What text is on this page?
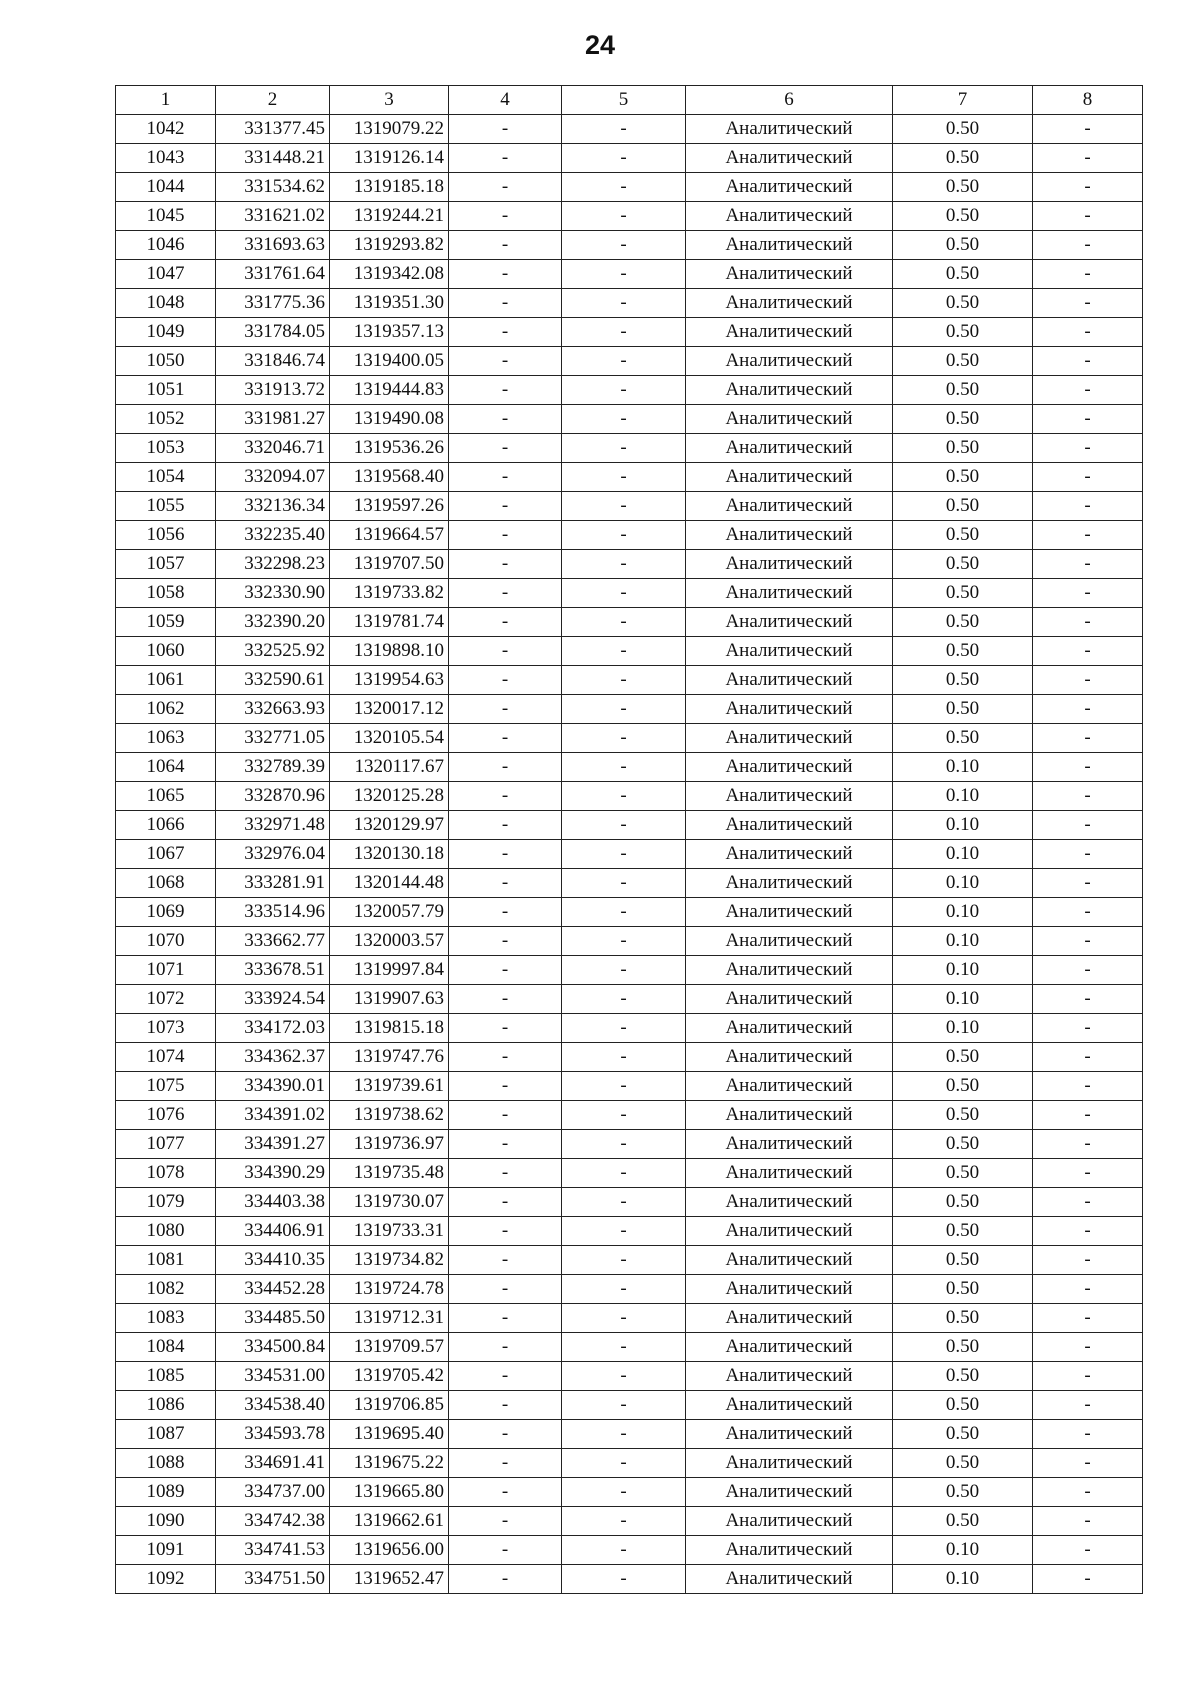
24
1	2	3	4	5	6	7	8
1042	331377.45	1319079.22	-	-	Аналитический	0.50	-
1043	331448.21	1319126.14	-	-	Аналитический	0.50	-
1044	331534.62	1319185.18	-	-	Аналитический	0.50	-
1045	331621.02	1319244.21	-	-	Аналитический	0.50	-
1046	331693.63	1319293.82	-	-	Аналитический	0.50	-
1047	331761.64	1319342.08	-	-	Аналитический	0.50	-
1048	331775.36	1319351.30	-	-	Аналитический	0.50	-
1049	331784.05	1319357.13	-	-	Аналитический	0.50	-
1050	331846.74	1319400.05	-	-	Аналитический	0.50	-
1051	331913.72	1319444.83	-	-	Аналитический	0.50	-
1052	331981.27	1319490.08	-	-	Аналитический	0.50	-
1053	332046.71	1319536.26	-	-	Аналитический	0.50	-
1054	332094.07	1319568.40	-	-	Аналитический	0.50	-
1055	332136.34	1319597.26	-	-	Аналитический	0.50	-
1056	332235.40	1319664.57	-	-	Аналитический	0.50	-
1057	332298.23	1319707.50	-	-	Аналитический	0.50	-
1058	332330.90	1319733.82	-	-	Аналитический	0.50	-
1059	332390.20	1319781.74	-	-	Аналитический	0.50	-
1060	332525.92	1319898.10	-	-	Аналитический	0.50	-
1061	332590.61	1319954.63	-	-	Аналитический	0.50	-
1062	332663.93	1320017.12	-	-	Аналитический	0.50	-
1063	332771.05	1320105.54	-	-	Аналитический	0.50	-
1064	332789.39	1320117.67	-	-	Аналитический	0.10	-
1065	332870.96	1320125.28	-	-	Аналитический	0.10	-
1066	332971.48	1320129.97	-	-	Аналитический	0.10	-
1067	332976.04	1320130.18	-	-	Аналитический	0.10	-
1068	333281.91	1320144.48	-	-	Аналитический	0.10	-
1069	333514.96	1320057.79	-	-	Аналитический	0.10	-
1070	333662.77	1320003.57	-	-	Аналитический	0.10	-
1071	333678.51	1319997.84	-	-	Аналитический	0.10	-
1072	333924.54	1319907.63	-	-	Аналитический	0.10	-
1073	334172.03	1319815.18	-	-	Аналитический	0.10	-
1074	334362.37	1319747.76	-	-	Аналитический	0.50	-
1075	334390.01	1319739.61	-	-	Аналитический	0.50	-
1076	334391.02	1319738.62	-	-	Аналитический	0.50	-
1077	334391.27	1319736.97	-	-	Аналитический	0.50	-
1078	334390.29	1319735.48	-	-	Аналитический	0.50	-
1079	334403.38	1319730.07	-	-	Аналитический	0.50	-
1080	334406.91	1319733.31	-	-	Аналитический	0.50	-
1081	334410.35	1319734.82	-	-	Аналитический	0.50	-
1082	334452.28	1319724.78	-	-	Аналитический	0.50	-
1083	334485.50	1319712.31	-	-	Аналитический	0.50	-
1084	334500.84	1319709.57	-	-	Аналитический	0.50	-
1085	334531.00	1319705.42	-	-	Аналитический	0.50	-
1086	334538.40	1319706.85	-	-	Аналитический	0.50	-
1087	334593.78	1319695.40	-	-	Аналитический	0.50	-
1088	334691.41	1319675.22	-	-	Аналитический	0.50	-
1089	334737.00	1319665.80	-	-	Аналитический	0.50	-
1090	334742.38	1319662.61	-	-	Аналитический	0.50	-
1091	334741.53	1319656.00	-	-	Аналитический	0.10	-
1092	334751.50	1319652.47	-	-	Аналитический	0.10	-
